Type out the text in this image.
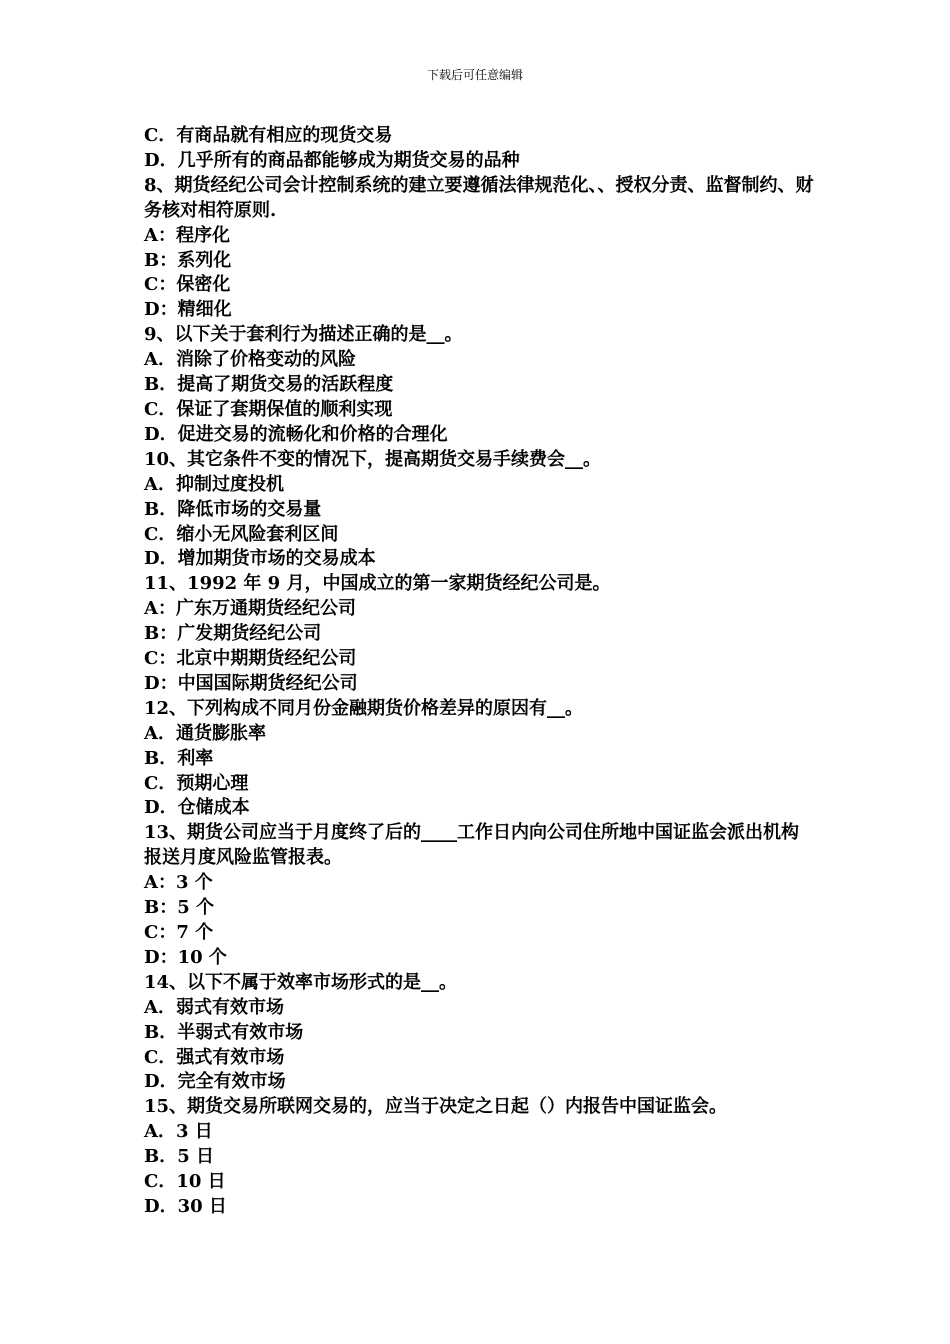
下载后可任意编辑
C．有商品就有相应的现货交易
D．几乎所有的商品都能够成为期货交易的品种
8、期货经纪公司会计控制系统的建立要遵循法律规范化、、授权分责、监督制约、财务核对相符原则.
A：程序化
B：系列化
C：保密化
D：精细化
9、以下关于套利行为描述正确的是__。
A．消除了价格变动的风险
B．提高了期货交易的活跃程度
C．保证了套期保值的顺利实现
D．促进交易的流畅化和价格的合理化
10、其它条件不变的情况下，提高期货交易手续费会__。
A．抑制过度投机
B．降低市场的交易量
C．缩小无风险套利区间
D．增加期货市场的交易成本
11、1992 年 9 月，中国成立的第一家期货经纪公司是。
A：广东万通期货经纪公司
B：广发期货经纪公司
C：北京中期期货经纪公司
D：中国国际期货经纪公司
12、下列构成不同月份金融期货价格差异的原因有__。
A．通货膨胀率
B．利率
C．预期心理
D．仓储成本
13、期货公司应当于月度终了后的____工作日内向公司住所地中国证监会派出机构报送月度风险监管报表。
A：3 个
B：5 个
C：7 个
D：10 个
14、以下不属于效率市场形式的是__。
A．弱式有效市场
B．半弱式有效市场
C．强式有效市场
D．完全有效市场
15、期货交易所联网交易的，应当于决定之日起（）内报告中国证监会。
A．3 日
B．5 日
C．10 日
D．30 日
